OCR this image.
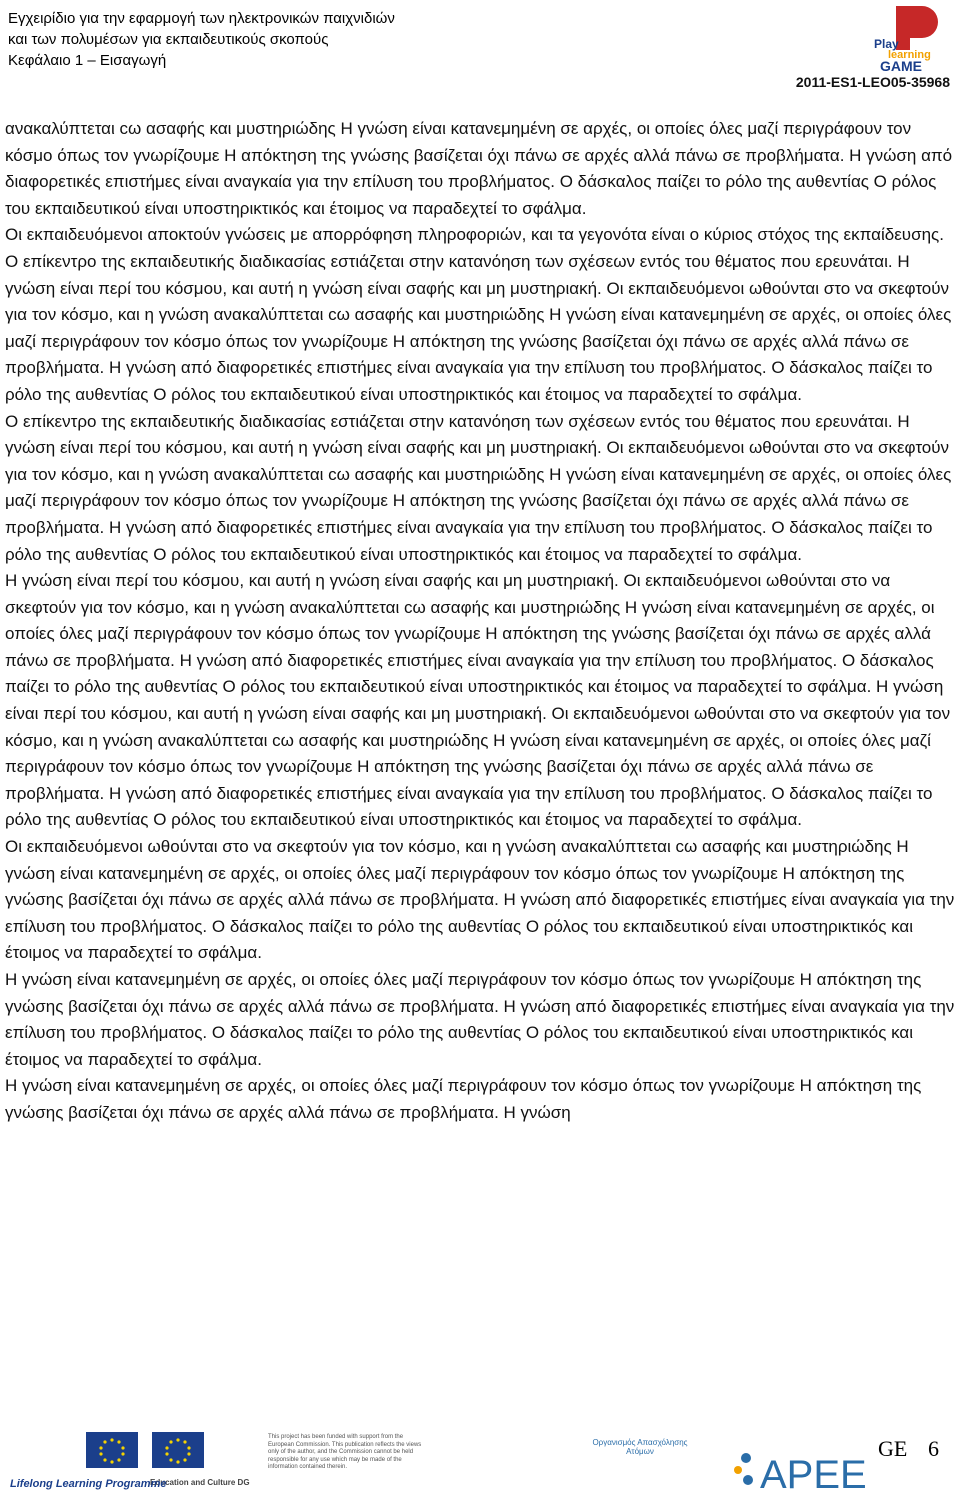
Εγχειρίδιο για την εφαρμογή των ηλεκτρονικών παιχνιδιών
και των πολυμέσων για εκπαιδευτικούς σκοπούς
Κεφάλαιο 1 – Εισαγωγή
Play
learning
GAME
2011-ES1-LEO05-35968

ανακαλύπτεται cω ασαφής και μυστηριώδης Η γνώση είναι κατανεμημένη σε αρχές, οι οποίες όλες μαζί περιγράφουν τον κόσμο όπως τον γνωρίζουμε Η απόκτηση της γνώσης βασίζεται όχι πάνω σε αρχές αλλά πάνω σε προβλήματα. Η γνώση από διαφορετικές επιστήμες είναι αναγκαία για την επίλυση του προβλήματος. Ο δάσκαλος παίζει το ρόλο της αυθεντίας Ο ρόλος του εκπαιδευτικού είναι υποστηρικτικός και έτοιμος να παραδεχτεί το σφάλμα.

Οι εκπαιδευόμενοι αποκτούν γνώσεις με απορρόφηση πληροφοριών, και τα γεγονότα είναι ο κύριος στόχος της εκπαίδευσης. Ο επίκεντρο της εκπαιδευτικής διαδικασίας εστιάζεται στην κατανόηση των σχέσεων εντός του θέματος που ερευνάται. Η γνώση είναι περί του κόσμου, και αυτή η γνώση είναι σαφής και μη μυστηριακή. Οι εκπαιδευόμενοι ωθούνται στο να σκεφτούν για τον κόσμο, και η γνώση ανακαλύπτεται cω ασαφής και μυστηριώδης Η γνώση είναι κατανεμημένη σε αρχές, οι οποίες όλες μαζί περιγράφουν τον κόσμο όπως τον γνωρίζουμε Η απόκτηση της γνώσης βασίζεται όχι πάνω σε αρχές αλλά πάνω σε προβλήματα. Η γνώση από διαφορετικές επιστήμες είναι αναγκαία για την επίλυση του προβλήματος. Ο δάσκαλος παίζει το ρόλο της αυθεντίας Ο ρόλος του εκπαιδευτικού είναι υποστηρικτικός και έτοιμος να παραδεχτεί το σφάλμα.

Ο επίκεντρο της εκπαιδευτικής διαδικασίας εστιάζεται στην κατανόηση των σχέσεων εντός του θέματος που ερευνάται. Η γνώση είναι περί του κόσμου, και αυτή η γνώση είναι σαφής και μη μυστηριακή. Οι εκπαιδευόμενοι ωθούνται στο να σκεφτούν για τον κόσμο, και η γνώση ανακαλύπτεται cω ασαφής και μυστηριώδης Η γνώση είναι κατανεμημένη σε αρχές, οι οποίες όλες μαζί περιγράφουν τον κόσμο όπως τον γνωρίζουμε Η απόκτηση της γνώσης βασίζεται όχι πάνω σε αρχές αλλά πάνω σε προβλήματα. Η γνώση από διαφορετικές επιστήμες είναι αναγκαία για την επίλυση του προβλήματος. Ο δάσκαλος παίζει το ρόλο της αυθεντίας Ο ρόλος του εκπαιδευτικού είναι υποστηρικτικός και έτοιμος να παραδεχτεί το σφάλμα.

Η γνώση είναι περί του κόσμου, και αυτή η γνώση είναι σαφής και μη μυστηριακή. Οι εκπαιδευόμενοι ωθούνται στο να σκεφτούν για τον κόσμο, και η γνώση ανακαλύπτεται cω ασαφής και μυστηριώδης Η γνώση είναι κατανεμημένη σε αρχές, οι οποίες όλες μαζί περιγράφουν τον κόσμο όπως τον γνωρίζουμε Η απόκτηση της γνώσης βασίζεται όχι πάνω σε αρχές αλλά πάνω σε προβλήματα. Η γνώση από διαφορετικές επιστήμες είναι αναγκαία για την επίλυση του προβλήματος. Ο δάσκαλος παίζει το ρόλο της αυθεντίας Ο ρόλος του εκπαιδευτικού είναι υποστηρικτικός και έτοιμος να παραδεχτεί το σφάλμα. Η γνώση είναι περί του κόσμου, και αυτή η γνώση είναι σαφής και μη μυστηριακή. Οι εκπαιδευόμενοι ωθούνται στο να σκεφτούν για τον κόσμο, και η γνώση ανακαλύπτεται cω ασαφής και μυστηριώδης Η γνώση είναι κατανεμημένη σε αρχές, οι οποίες όλες μαζί περιγράφουν τον κόσμο όπως τον γνωρίζουμε Η απόκτηση της γνώσης βασίζεται όχι πάνω σε αρχές αλλά πάνω σε προβλήματα. Η γνώση από διαφορετικές επιστήμες είναι αναγκαία για την επίλυση του προβλήματος. Ο δάσκαλος παίζει το ρόλο της αυθεντίας Ο ρόλος του εκπαιδευτικού είναι υποστηρικτικός και έτοιμος να παραδεχτεί το σφάλμα.

Οι εκπαιδευόμενοι ωθούνται στο να σκεφτούν για τον κόσμο, και η γνώση ανακαλύπτεται cω ασαφής και μυστηριώδης Η γνώση είναι κατανεμημένη σε αρχές, οι οποίες όλες μαζί περιγράφουν τον κόσμο όπως τον γνωρίζουμε Η απόκτηση της γνώσης βασίζεται όχι πάνω σε αρχές αλλά πάνω σε προβλήματα. Η γνώση από διαφορετικές επιστήμες είναι αναγκαία για την επίλυση του προβλήματος. Ο δάσκαλος παίζει το ρόλο της αυθεντίας Ο ρόλος του εκπαιδευτικού είναι υποστηρικτικός και έτοιμος να παραδεχτεί το σφάλμα.

Η γνώση είναι κατανεμημένη σε αρχές, οι οποίες όλες μαζί περιγράφουν τον κόσμο όπως τον γνωρίζουμε Η απόκτηση της γνώσης βασίζεται όχι πάνω σε αρχές αλλά πάνω σε προβλήματα. Η γνώση από διαφορετικές επιστήμες είναι αναγκαία για την επίλυση του προβλήματος. Ο δάσκαλος παίζει το ρόλο της αυθεντίας Ο ρόλος του εκπαιδευτικού είναι υποστηρικτικός και έτοιμος να παραδεχτεί το σφάλμα.

Η γνώση είναι κατανεμημένη σε αρχές, οι οποίες όλες μαζί περιγράφουν τον κόσμο όπως τον γνωρίζουμε Η απόκτηση της γνώσης βασίζεται όχι πάνω σε αρχές αλλά πάνω σε προβλήματα. Η γνώση

Education and Culture DG
Lifelong Learning Programme
This project has been funded with support from the European Commission. This publication reflects the views only of the author, and the Commission cannot be held responsible for any use which may be made of the information contained therein.
Οργανισμός Απασχόλησης Ατόμων
APEE
GE 6
